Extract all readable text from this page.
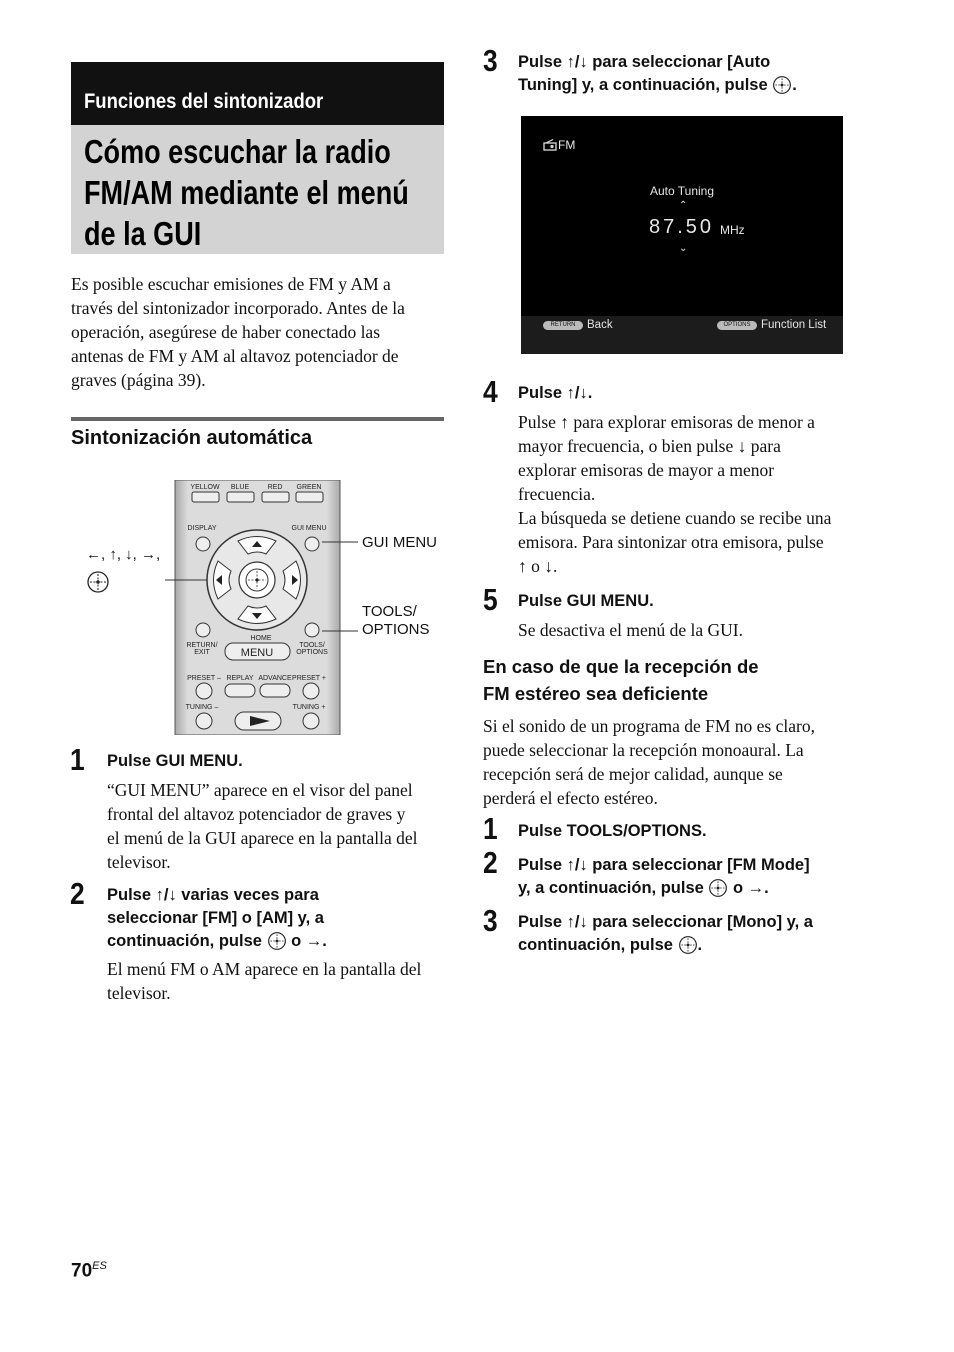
Funciones del sintonizador
Cómo escuchar la radio
FM/AM mediante el menú
de la GUI
Es posible escuchar emisiones de FM y AM a
través del sintonizador incorporado. Antes de la
operación, asegúrese de haber conectado las
antenas de FM y AM al altavoz potenciador de
graves (página 39).
Sintonización automática
←, ↑, ↓, →,
GUI MENU
TOOLS/
OPTIONS
YELLOW BLUE	RED GREEN
DISPLAY	GUI MENU
RETURN/
EXIT
HOME
TOOLS/
OPTIONS
PRESET – REPLAY ADVANCE PRESET +
TUNING –	TUNING +
MENU
1 Pulse GUI MENU.
“GUI MENU” aparece en el visor del panel
frontal del altavoz potenciador de graves y
el menú de la GUI aparece en la pantalla del
televisor.
2 Pulse ↑/↓ varias veces para
seleccionar [FM] o [AM] y, a
continuación, pulse o →.
El menú FM o AM aparece en la pantalla del
televisor.
3 Pulse ↑/↓ para seleccionar [Auto
Tuning] y, a continuación, pulse .
FM
Auto Tuning
⌃
87.50 MHz
⌄
RETURN	Back	OPTIONS Function List
4 Pulse ↑/↓.
Pulse ↑ para explorar emisoras de menor a
mayor frecuencia, o bien pulse ↓ para
explorar emisoras de mayor a menor
frecuencia.
La búsqueda se detiene cuando se recibe una
emisora. Para sintonizar otra emisora, pulse
↑ o ↓.
5 Pulse GUI MENU.
Se desactiva el menú de la GUI.
En caso de que la recepción de
FM estéreo sea deficiente
Si el sonido de un programa de FM no es claro,
puede seleccionar la recepción monoaural. La
recepción será de mejor calidad, aunque se
perderá el efecto estéreo.
1 Pulse TOOLS/OPTIONS.
2 Pulse ↑/↓ para seleccionar [FM Mode]
y, a continuación, pulse o →.
3 Pulse ↑/↓ para seleccionar [Mono] y, a
continuación, pulse .
$70^{ES}$
